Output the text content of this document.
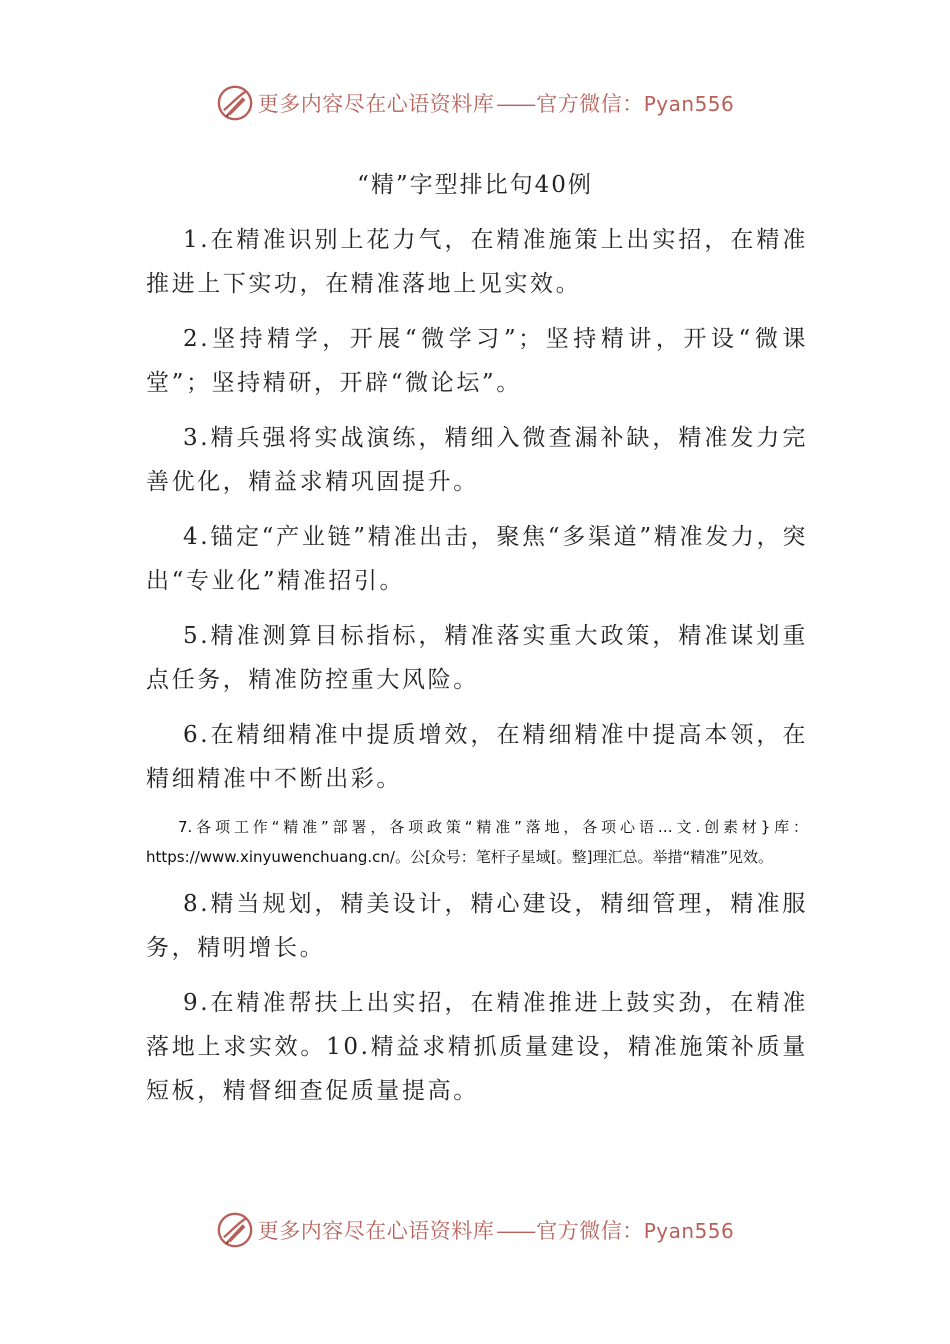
更多内容尽在心语资料库——官方微信：Pyan556
“精”字型排比句40例

1.在精准识别上花力气，在精准施策上出实招，在精准推进上下实功，在精准落地上见实效。

2.坚持精学，开展“微学习”；坚持精讲，开设“微课堂”；坚持精研，开辟“微论坛”。

3.精兵强将实战演练，精细入微查漏补缺，精准发力完善优化，精益求精巩固提升。

4.锚定“产业链”精准出击，聚焦“多渠道”精准发力，突出“专业化”精准招引。

5.精准测算目标指标，精准落实重大政策，精准谋划重点任务，精准防控重大风险。

6.在精细精准中提质增效，在精细精准中提高本领，在精细精准中不断出彩。

7.各项工作“精准”部署，各项政策“精准”落地，各项心语…文.创素材}库：https://www.xinyuwenchuang.cn/。公[众号：笔杆子星域[。整]理汇总。举措“精准”见效。

8.精当规划，精美设计，精心建设，精细管理，精准服务，精明增长。

9.在精准帮扶上出实招，在精准推进上鼓实劲，在精准落地上求实效。10.精益求精抓质量建设，精准施策补质量短板，精督细查促质量提高。

更多内容尽在心语资料库——官方微信：Pyan556
